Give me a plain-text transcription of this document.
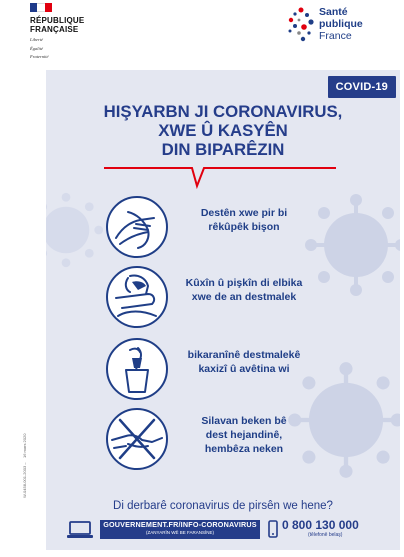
RÉPUBLIQUE
FRANÇAISE
Liberté
Égalité
Fraternité
Santé
publique
France
W-0458-001-2003 –
16 mars 2020
COVID-19
HIŞYARBN JI CORONAVIRUS,
XWE Û KASYÊN
DIN BIPARÊZIN
Destên xwe pir bi
rêkûpêk bişon
Kûxîn û pişkîn di elbika
xwe de an destmalek
bikaranînê destmalekê
kaxizî û avêtina wi
Silavan beken bê
dest hejandinê,
hembêza neken
Di derbarê coronavirus de pirsên we hene?
GOUVERNEMENT.FR/INFO-CORONAVIRUS
(ZANYARÎN WÊ BE FARANSÎNE)
0 800 130 000
(têlefonê belaş)
